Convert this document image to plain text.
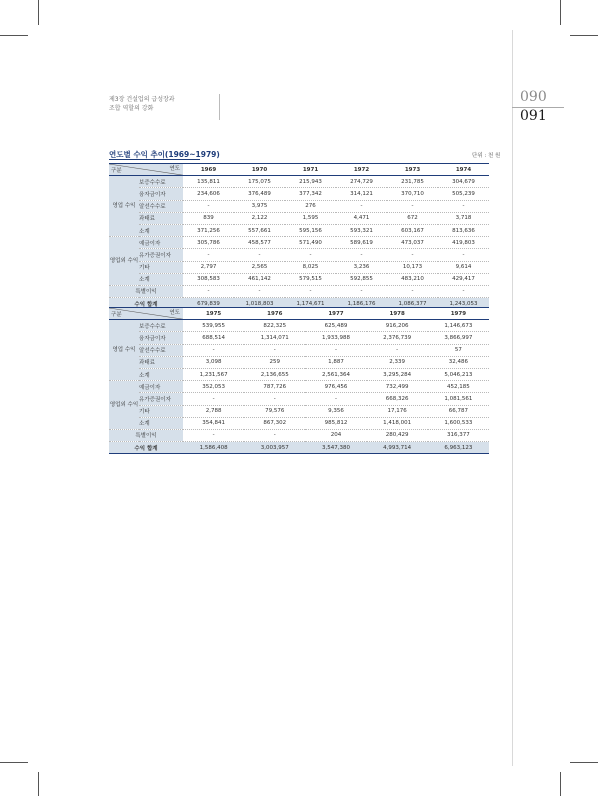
제3장 건설업의 급성장과
조합 역할의 강화
090
091
연도별 수익 추이(1969~1979)	단위 : 천 원
구분 연도		1969	1970	1971	1972	1973	1974
영업 수익	보증수수료	135,811	175,075	215,943	274,729	231,785	304,679
	융자금이자	234,606	376,489	377,342	314,121	370,710	505,239
	알선수수료	-	3,975	276	-	-	-
	과태료	839	2,122	1,595	4,471	672	3,718
	소계	371,256	557,661	595,156	593,321	603,167	813,636
영업외 수익	예금이자	305,786	458,577	571,490	589,619	473,037	419,803
	유가증권이자	-	-	-	-	-	-
	기타	2,797	2,565	8,025	3,236	10,173	9,614
	소계	308,583	461,142	579,515	592,855	483,210	429,417
특별이익		-	-	-	-	-	-
수익 합계		679,839	1,018,803	1,174,671	1,186,176	1,086,377	1,243,053
구분 연도		1975	1976	1977	1978	1979
영업 수익	보증수수료	539,955	822,325	625,489	916,206	1,146,673
	융자금이자	688,514	1,314,071	1,933,988	2,376,739	3,866,997
	알선수수료	-	-	-	-	57
	과태료	3,098	259	1,887	2,339	32,486
	소계	1,231,567	2,136,655	2,561,364	3,295,284	5,046,213
영업외 수익	예금이자	352,053	787,726	976,456	732,499	452,185
	유가증권이자	-	-	-	668,326	1,081,561
	기타	2,788	79,576	9,356	17,176	66,787
	소계	354,841	867,302	985,812	1,418,001	1,600,533
특별이익		-	-	204	280,429	316,377
수익 합계		1,586,408	3,003,957	3,547,380	4,993,714	6,963,123
